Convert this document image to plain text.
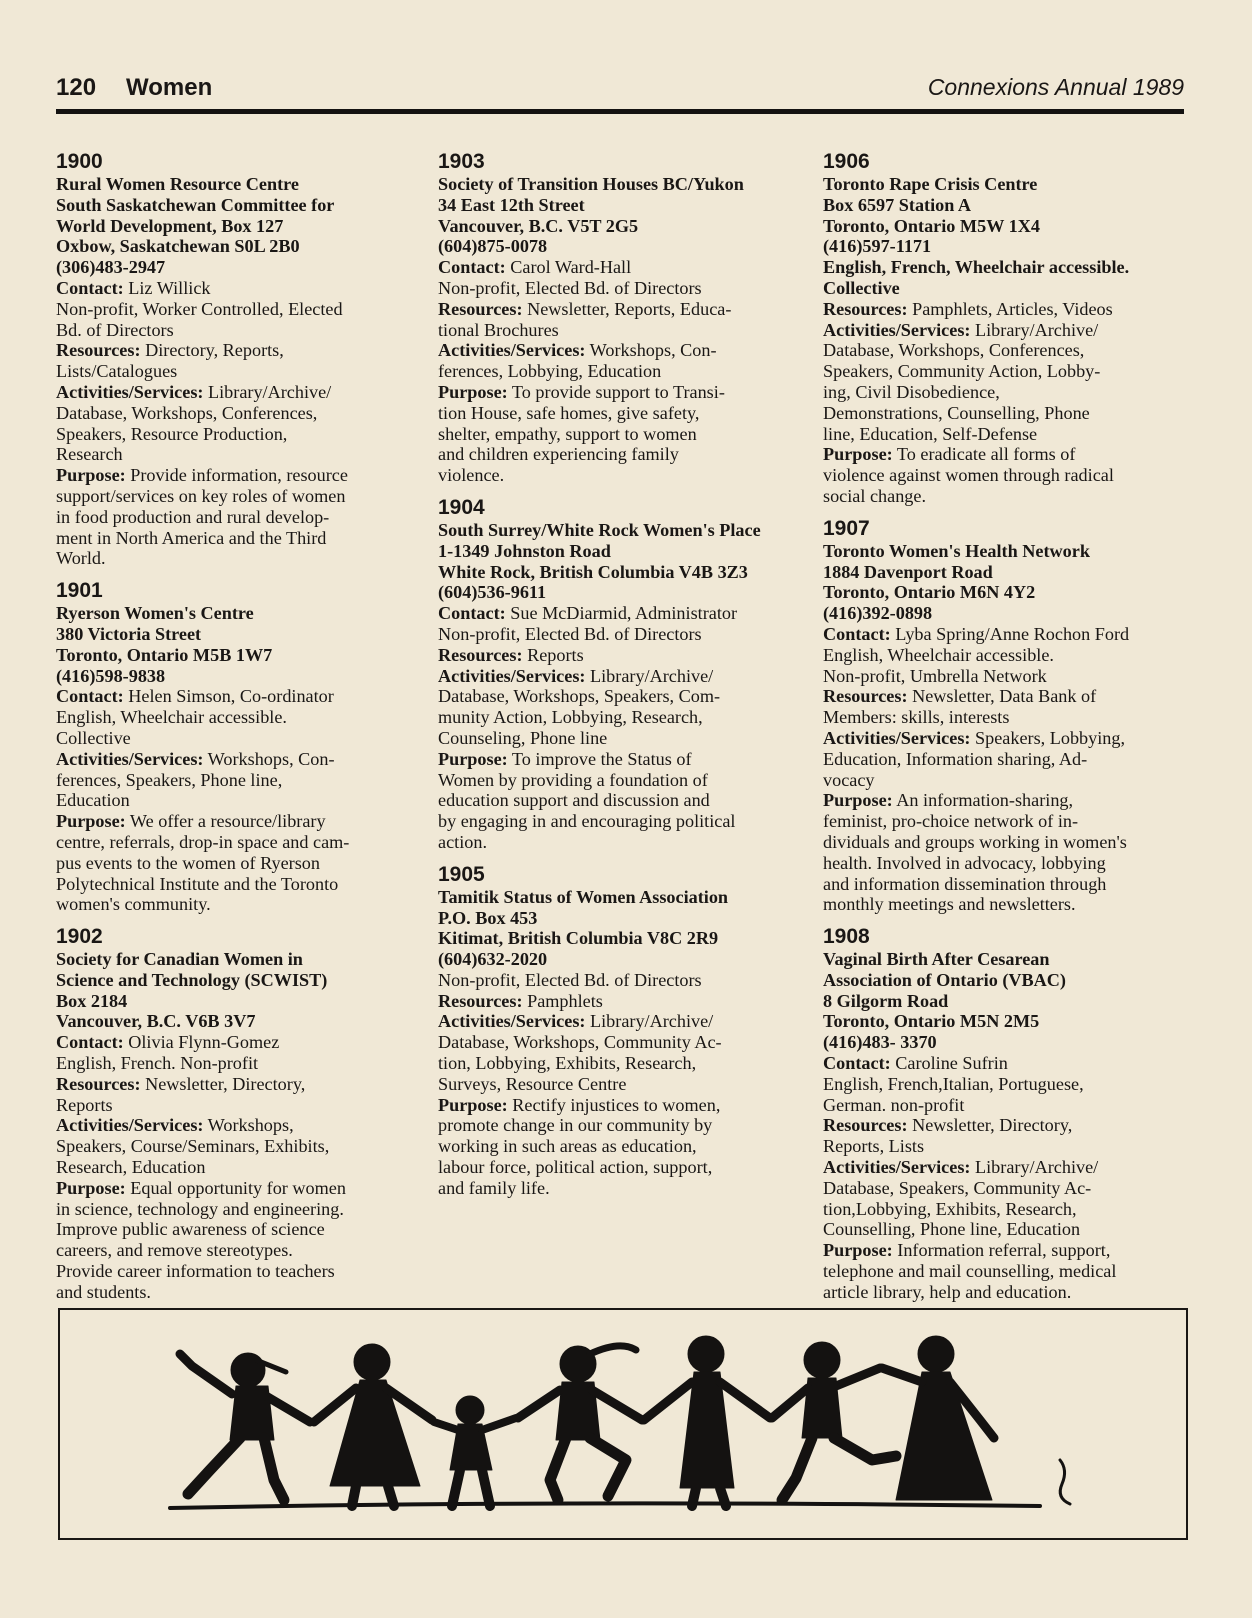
120 Women	Connexions Annual 1989
1900
Rural Women Resource Centre
South Saskatchewan Committee for
World Development, Box 127
Oxbow, Saskatchewan S0L 2B0
(306)483-2947
Contact: Liz Willick
Non-profit, Worker Controlled, Elected
Bd. of Directors
Resources: Directory, Reports,
Lists/Catalogues
Activities/Services: Library/Archive/
Database, Workshops, Conferences,
Speakers, Resource Production,
Research
Purpose: Provide information, resource
support/services on key roles of women
in food production and rural develop-
ment in North America and the Third
World.
1901
Ryerson Women's Centre
380 Victoria Street
Toronto, Ontario M5B 1W7
(416)598-9838
Contact: Helen Simson, Co-ordinator
English, Wheelchair accessible.
Collective
Activities/Services: Workshops, Con-
ferences, Speakers, Phone line,
Education
Purpose: We offer a resource/library
centre, referrals, drop-in space and cam-
pus events to the women of Ryerson
Polytechnical Institute and the Toronto
women's community.
1902
Society for Canadian Women in
Science and Technology (SCWIST)
Box 2184
Vancouver, B.C. V6B 3V7
Contact: Olivia Flynn-Gomez
English, French. Non-profit
Resources: Newsletter, Directory,
Reports
Activities/Services: Workshops,
Speakers, Course/Seminars, Exhibits,
Research, Education
Purpose: Equal opportunity for women
in science, technology and engineering.
Improve public awareness of science
careers, and remove stereotypes.
Provide career information to teachers
and students.
1903
Society of Transition Houses BC/Yukon
34 East 12th Street
Vancouver, B.C. V5T 2G5
(604)875-0078
Contact: Carol Ward-Hall
Non-profit, Elected Bd. of Directors
Resources: Newsletter, Reports, Educa-
tional Brochures
Activities/Services: Workshops, Con-
ferences, Lobbying, Education
Purpose: To provide support to Transi-
tion House, safe homes, give safety,
shelter, empathy, support to women
and children experiencing family
violence.
1904
South Surrey/White Rock Women's Place
1-1349 Johnston Road
White Rock, British Columbia V4B 3Z3
(604)536-9611
Contact: Sue McDiarmid, Administrator
Non-profit, Elected Bd. of Directors
Resources: Reports
Activities/Services: Library/Archive/
Database, Workshops, Speakers, Com-
munity Action, Lobbying, Research,
Counseling, Phone line
Purpose: To improve the Status of
Women by providing a foundation of
education support and discussion and
by engaging in and encouraging political
action.
1905
Tamitik Status of Women Association
P.O. Box 453
Kitimat, British Columbia V8C 2R9
(604)632-2020
Non-profit, Elected Bd. of Directors
Resources: Pamphlets
Activities/Services: Library/Archive/
Database, Workshops, Community Ac-
tion, Lobbying, Exhibits, Research,
Surveys, Resource Centre
Purpose: Rectify injustices to women,
promote change in our community by
working in such areas as education,
labour force, political action, support,
and family life.
1906
Toronto Rape Crisis Centre
Box 6597 Station A
Toronto, Ontario M5W 1X4
(416)597-1171
English, French, Wheelchair accessible.
Collective
Resources: Pamphlets, Articles, Videos
Activities/Services: Library/Archive/
Database, Workshops, Conferences,
Speakers, Community Action, Lobby-
ing, Civil Disobedience,
Demonstrations, Counselling, Phone
line, Education, Self-Defense
Purpose: To eradicate all forms of
violence against women through radical
social change.
1907
Toronto Women's Health Network
1884 Davenport Road
Toronto, Ontario M6N 4Y2
(416)392-0898
Contact: Lyba Spring/Anne Rochon Ford
English, Wheelchair accessible.
Non-profit, Umbrella Network
Resources: Newsletter, Data Bank of
Members: skills, interests
Activities/Services: Speakers, Lobbying,
Education, Information sharing, Ad-
vocacy
Purpose: An information-sharing,
feminist, pro-choice network of in-
dividuals and groups working in women's
health. Involved in advocacy, lobbying
and information dissemination through
monthly meetings and newsletters.
1908
Vaginal Birth After Cesarean
Association of Ontario (VBAC)
8 Gilgorm Road
Toronto, Ontario M5N 2M5
(416)483- 3370
Contact: Caroline Sufrin
English, French,Italian, Portuguese,
German. non-profit
Resources: Newsletter, Directory,
Reports, Lists
Activities/Services: Library/Archive/
Database, Speakers, Community Ac-
tion,Lobbying, Exhibits, Research,
Counselling, Phone line, Education
Purpose: Information referral, support,
telephone and mail counselling, medical
article library, help and education.
